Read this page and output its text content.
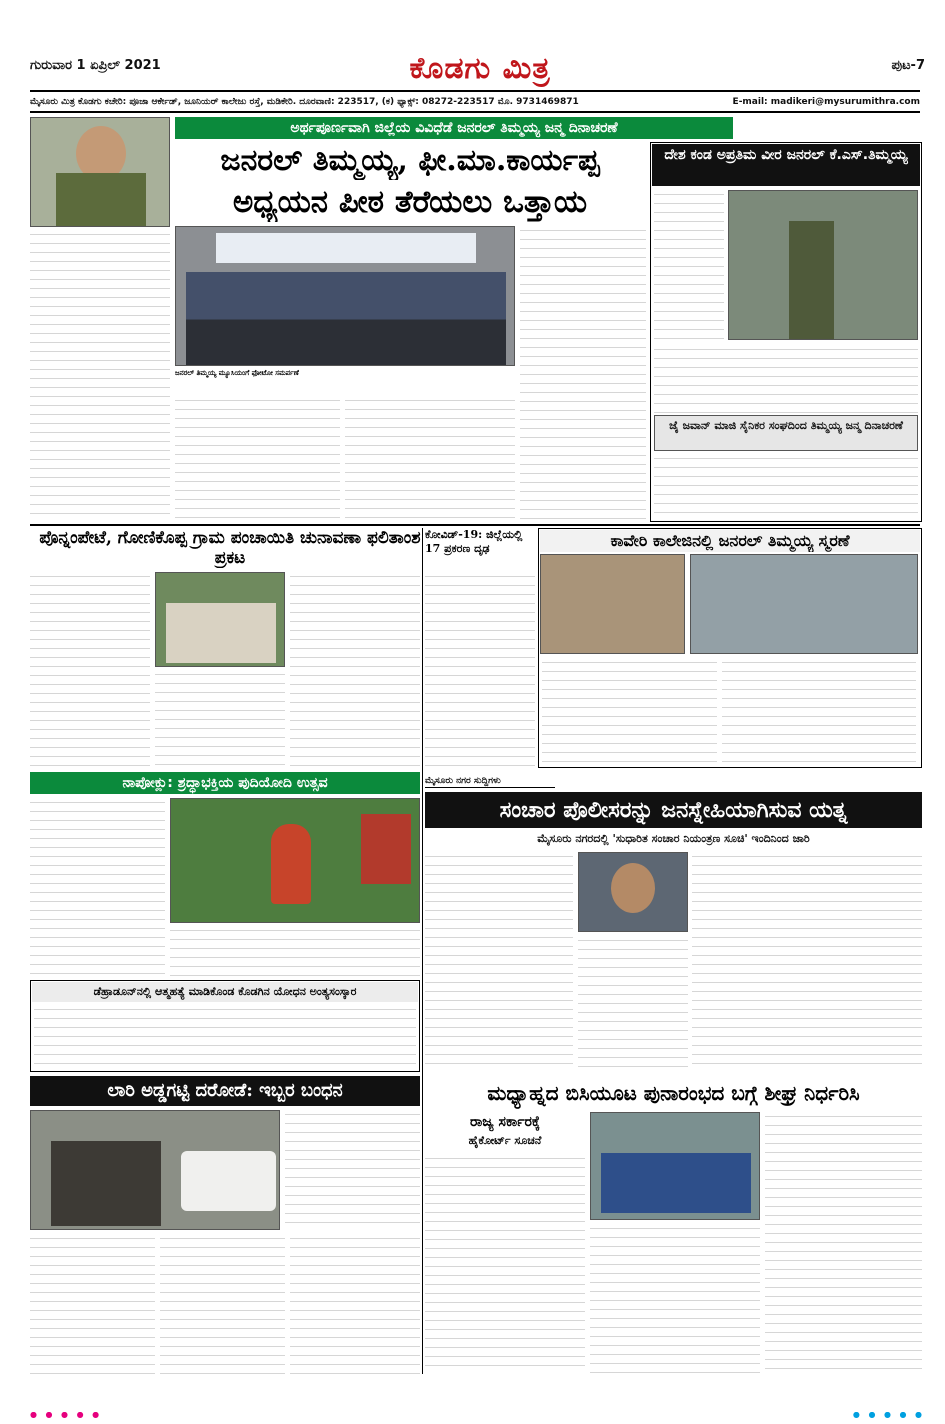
ಗುರುವಾರ 1 ಏಪ್ರಿಲ್ 2021	ಕೊಡಗು ಮಿತ್ರ	ಪುಟ-7
ಮೈಸೂರು ಮಿತ್ರ ಕೊಡಗು ಕಚೇರಿ: ಪೂಜಾ ಆರ್ಕೇಡ್, ಜೂನಿಯರ್ ಕಾಲೇಜು ರಸ್ತೆ, ಮಡಿಕೇರಿ. ದೂರವಾಣಿ: 223517, (ಕ) ಫ್ಯಾಕ್ಸ್: 08272-223517 ಮೊ. 9731469871	E-mail: madikeri@mysurumithra.com
ಅರ್ಥಪೂರ್ಣವಾಗಿ ಜಿಲ್ಲೆಯ ವಿವಿಧೆಡೆ ಜನರಲ್ ತಿಮ್ಮಯ್ಯ ಜನ್ಮ ದಿನಾಚರಣೆ
ಜನರಲ್ ತಿಮ್ಮಯ್ಯ, ಫೀ.ಮಾ.ಕಾರ್ಯಪ್ಪ
ಅಧ್ಯಯನ ಪೀಠ ತೆರೆಯಲು ಒತ್ತಾಯ
ದೇಶ ಕಂಡ ಅಪ್ರತಿಮ ವೀರ ಜನರಲ್ ಕೆ.ಎಸ್.ತಿಮ್ಮಯ್ಯ
ಜನರಲ್ ತಿಮ್ಮಯ್ಯ ಮ್ಯೂಸಿಯಂಗೆ ಫೋಟೋ ಸಮರ್ಪಣೆ
ಜೈ ಜವಾನ್ ಮಾಜಿ ಸೈನಿಕರ ಸಂಘದಿಂದ ತಿಮ್ಮಯ್ಯ ಜನ್ಮ ದಿನಾಚರಣೆ
ಪೊನ್ನಂಪೇಟೆ, ಗೋಣಿಕೊಪ್ಪ ಗ್ರಾಮ ಪಂಚಾಯಿತಿ ಚುನಾವಣಾ ಫಲಿತಾಂಶ ಪ್ರಕಟ
ಕೋವಿಡ್-19: ಜಿಲ್ಲೆಯಲ್ಲಿ 17 ಪ್ರಕರಣ ದೃಢ	ಕಾವೇರಿ ಕಾಲೇಜಿನಲ್ಲಿ ಜನರಲ್ ತಿಮ್ಮಯ್ಯ ಸ್ಮರಣೆ
ನಾಪೋಕ್ಲು: ಶ್ರದ್ಧಾಭಕ್ತಿಯ ಪುದಿಯೋದಿ ಉತ್ಸವ	ಮೈಸೂರು ನಗರ ಸುದ್ದಿಗಳು
ಸಂಚಾರ ಪೊಲೀಸರನ್ನು ಜನಸ್ನೇಹಿಯಾಗಿಸುವ ಯತ್ನ
ಮೈಸೂರು ನಗರದಲ್ಲಿ 'ಸುಧಾರಿತ ಸಂಚಾರ ನಿಯಂತ್ರಣ ಸೂಚಿ' ಇಂದಿನಿಂದ ಜಾರಿ
ಡೆಹ್ರಾಡೂನ್‌ನಲ್ಲಿ ಆತ್ಮಹತ್ಯೆ ಮಾಡಿಕೊಂಡ ಕೊಡಗಿನ ಯೋಧನ ಅಂತ್ಯಸಂಸ್ಕಾರ
ಲಾರಿ ಅಡ್ಡಗಟ್ಟಿ ದರೋಡೆ: ಇಬ್ಬರ ಬಂಧನ	ಮಧ್ಯಾಹ್ನದ ಬಿಸಿಯೂಟ ಪುನಾರಂಭದ ಬಗ್ಗೆ ಶೀಘ್ರ ನಿರ್ಧರಿಸಿ
ರಾಜ್ಯ ಸರ್ಕಾರಕ್ಕೆ
ಹೈಕೋರ್ಟ್ ಸೂಚನೆ
● ● ● ● ●	● ● ● ● ●
